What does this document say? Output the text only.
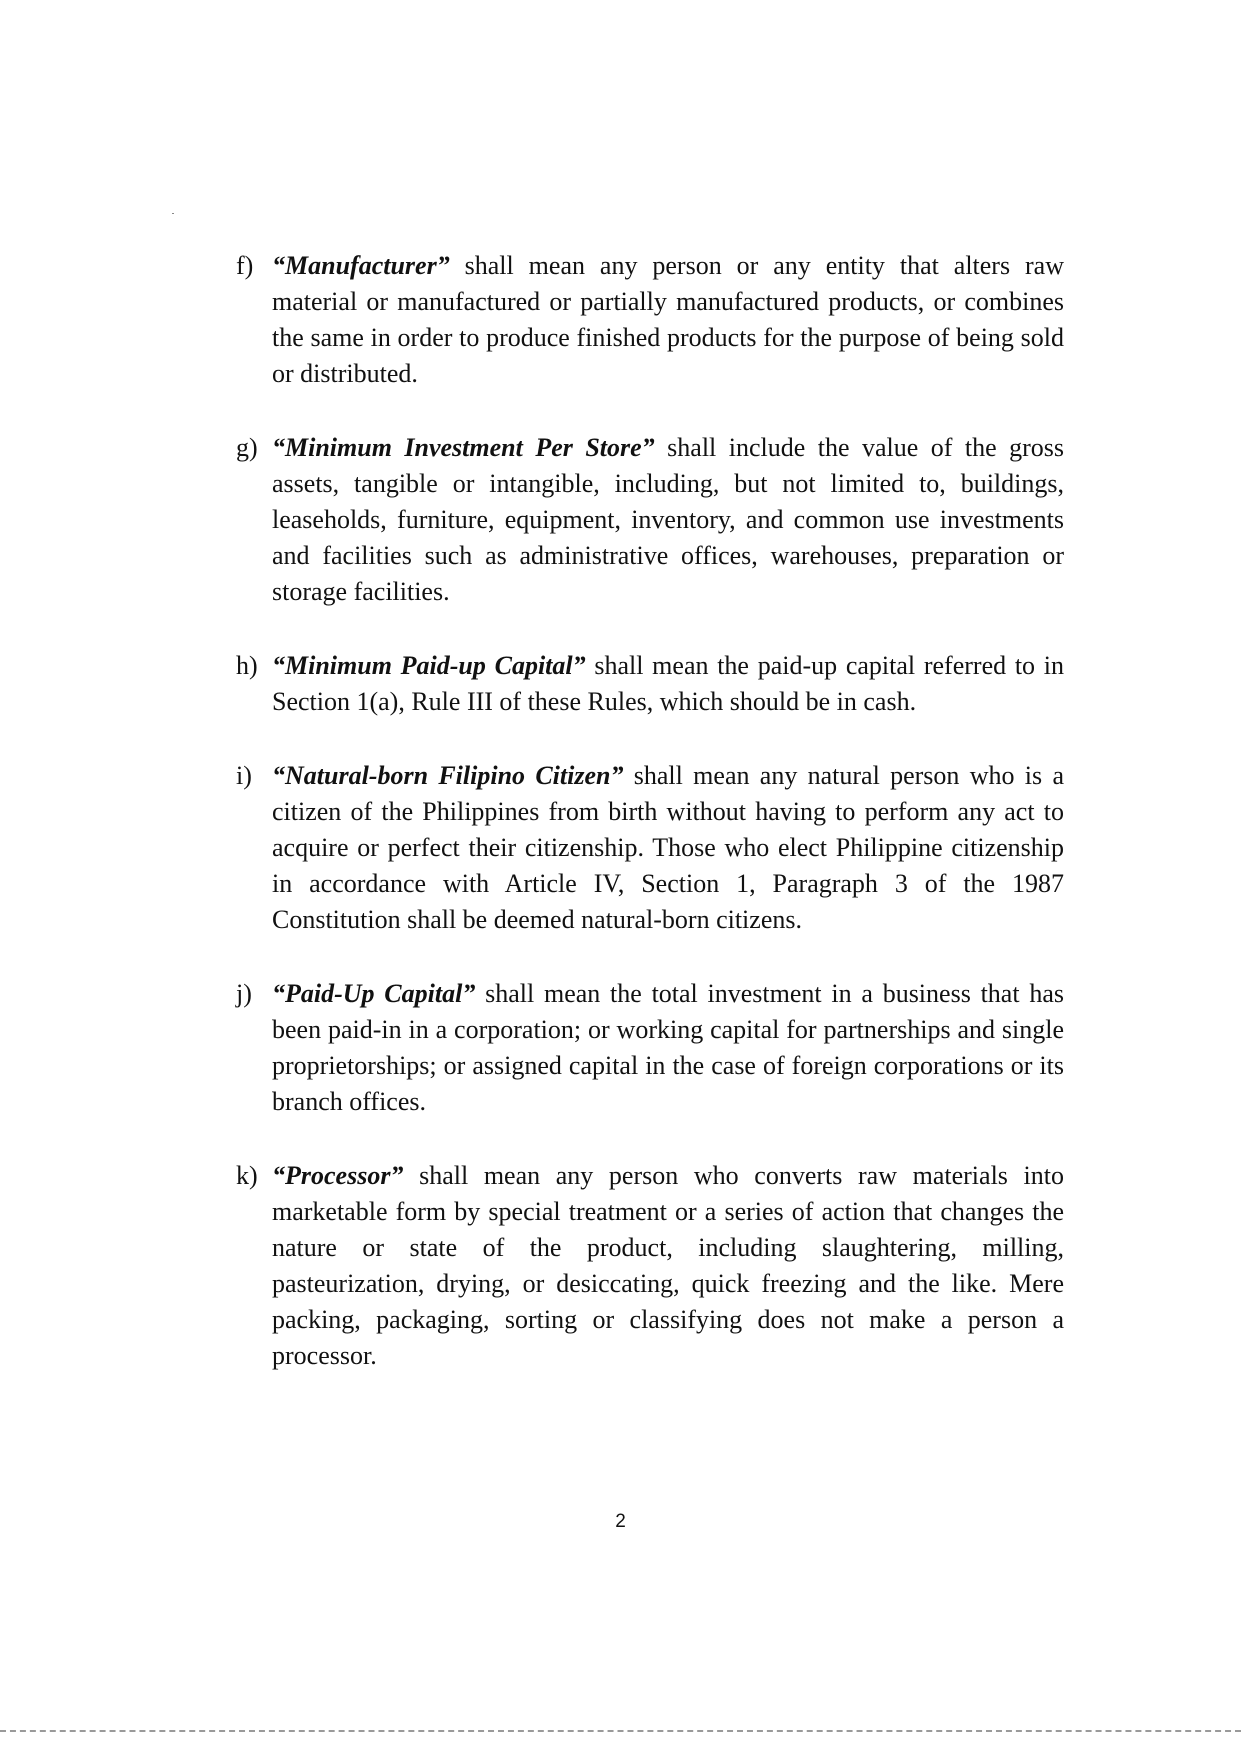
f) “Manufacturer” shall mean any person or any entity that alters raw material or manufactured or partially manufactured products, or combines the same in order to produce finished products for the purpose of being sold or distributed.

g) “Minimum Investment Per Store” shall include the value of the gross assets, tangible or intangible, including, but not limited to, buildings, leaseholds, furniture, equipment, inventory, and common use investments and facilities such as administrative offices, warehouses, preparation or storage facilities.

h) “Minimum Paid-up Capital” shall mean the paid-up capital referred to in Section 1(a), Rule III of these Rules, which should be in cash.

i) “Natural-born Filipino Citizen” shall mean any natural person who is a citizen of the Philippines from birth without having to perform any act to acquire or perfect their citizenship. Those who elect Philippine citizenship in accordance with Article IV, Section 1, Paragraph 3 of the 1987 Constitution shall be deemed natural-born citizens.

j) “Paid-Up Capital” shall mean the total investment in a business that has been paid-in in a corporation; or working capital for partnerships and single proprietorships; or assigned capital in the case of foreign corporations or its branch offices.

k) “Processor” shall mean any person who converts raw materials into marketable form by special treatment or a series of action that changes the nature or state of the product, including slaughtering, milling, pasteurization, drying, or desiccating, quick freezing and the like. Mere packing, packaging, sorting or classifying does not make a person a processor.

2
